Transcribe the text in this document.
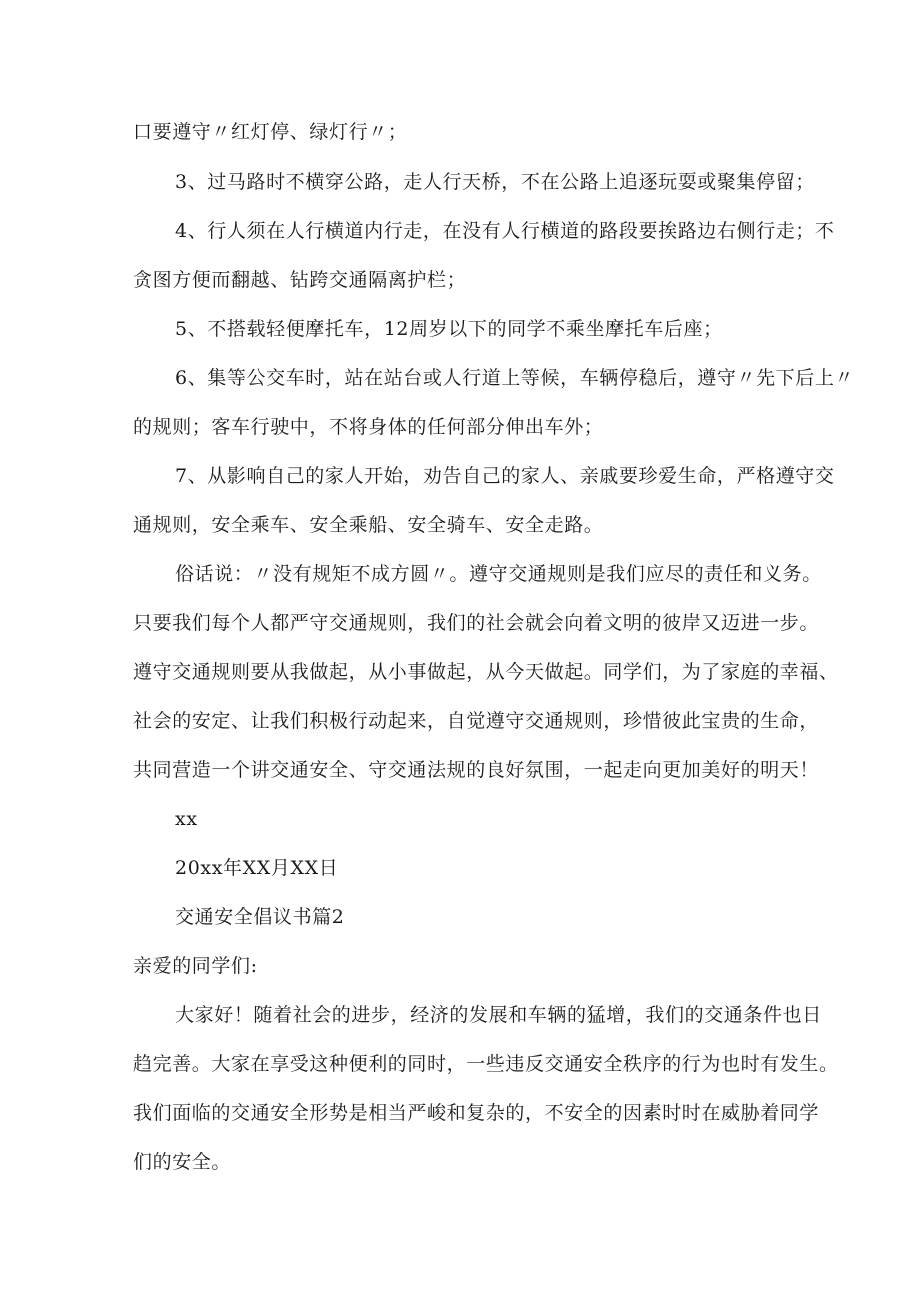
口要遵守〃红灯停、绿灯行〃；
3、过马路时不横穿公路，走人行天桥，不在公路上追逐玩耍或聚集停留；
4、行人须在人行横道内行走，在没有人行横道的路段要挨路边右侧行走；不
贪图方便而翻越、钻跨交通隔离护栏；
5、不搭载轻便摩托车，12周岁以下的同学不乘坐摩托车后座；
6、集等公交车时，站在站台或人行道上等候，车辆停稳后，遵守〃先下后上〃
的规则；客车行驶中，不将身体的任何部分伸出车外；
7、从影响自己的家人开始，劝告自己的家人、亲戚要珍爱生命，严格遵守交
通规则，安全乘车、安全乘船、安全骑车、安全走路。
俗话说：〃没有规矩不成方圆〃。遵守交通规则是我们应尽的责任和义务。
只要我们每个人都严守交通规则，我们的社会就会向着文明的彼岸又迈进一步。
遵守交通规则要从我做起，从小事做起，从今天做起。同学们，为了家庭的幸福、
社会的安定、让我们积极行动起来，自觉遵守交通规则，珍惜彼此宝贵的生命，
共同营造一个讲交通安全、守交通法规的良好氛围，一起走向更加美好的明天！
xx
20xx年XX月XX日
交通安全倡议书篇2
亲爱的同学们:
大家好！随着社会的进步，经济的发展和车辆的猛增，我们的交通条件也日
趋完善。大家在享受这种便利的同时，一些违反交通安全秩序的行为也时有发生。
我们面临的交通安全形势是相当严峻和复杂的，不安全的因素时时在威胁着同学
们的安全。
